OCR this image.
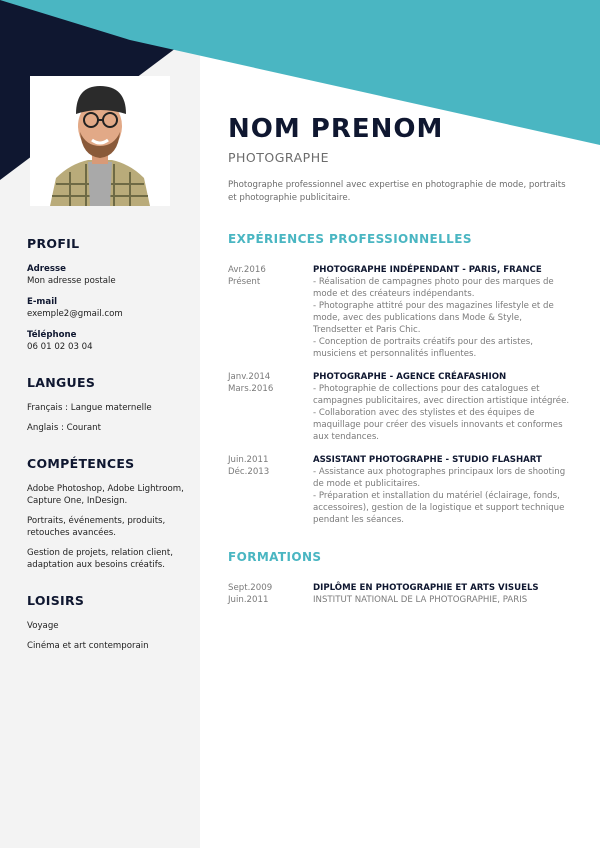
PROFIL
Adresse
Mon adresse postale
E-mail
exemple2@gmail.com
Téléphone
06 01 02 03 04
LANGUES
Français : Langue maternelle
Anglais : Courant
COMPÉTENCES
Adobe Photoshop, Adobe Lightroom, Capture One, InDesign.
Portraits, événements, produits, retouches avancées.
Gestion de projets, relation client, adaptation aux besoins créatifs.
LOISIRS
Voyage
Cinéma et art contemporain
NOM PRENOM
PHOTOGRAPHE

Photographe professionnel avec expertise en photographie de mode, portraits et photographie publicitaire.

EXPÉRIENCES PROFESSIONNELLES
Avr.2016
Présent

PHOTOGRAPHE INDÉPENDANT - PARIS, FRANCE

- Réalisation de campagnes photo pour des marques de mode et des créateurs indépendants.

- Photographe attitré pour des magazines lifestyle et de mode, avec des publications dans Mode & Style, Trendsetter et Paris Chic.

- Conception de portraits créatifs pour des artistes, musiciens et personnalités influentes.

Janv.2014
Mars.2016

PHOTOGRAPHE - AGENCE CRÉAFASHION

- Photographie de collections pour des catalogues et campagnes publicitaires, avec direction artistique intégrée.

- Collaboration avec des stylistes et des équipes de maquillage pour créer des visuels innovants et conformes aux tendances.

Juin.2011
Déc.2013

ASSISTANT PHOTOGRAPHE - STUDIO FLASHART

- Assistance aux photographes principaux lors de shooting de mode et publicitaires.

- Préparation et installation du matériel (éclairage, fonds, accessoires), gestion de la logistique et support technique pendant les séances.

FORMATIONS
Sept.2009
Juin.2011

DIPLÔME EN PHOTOGRAPHIE ET ARTS VISUELS

INSTITUT NATIONAL DE LA PHOTOGRAPHIE, PARIS
